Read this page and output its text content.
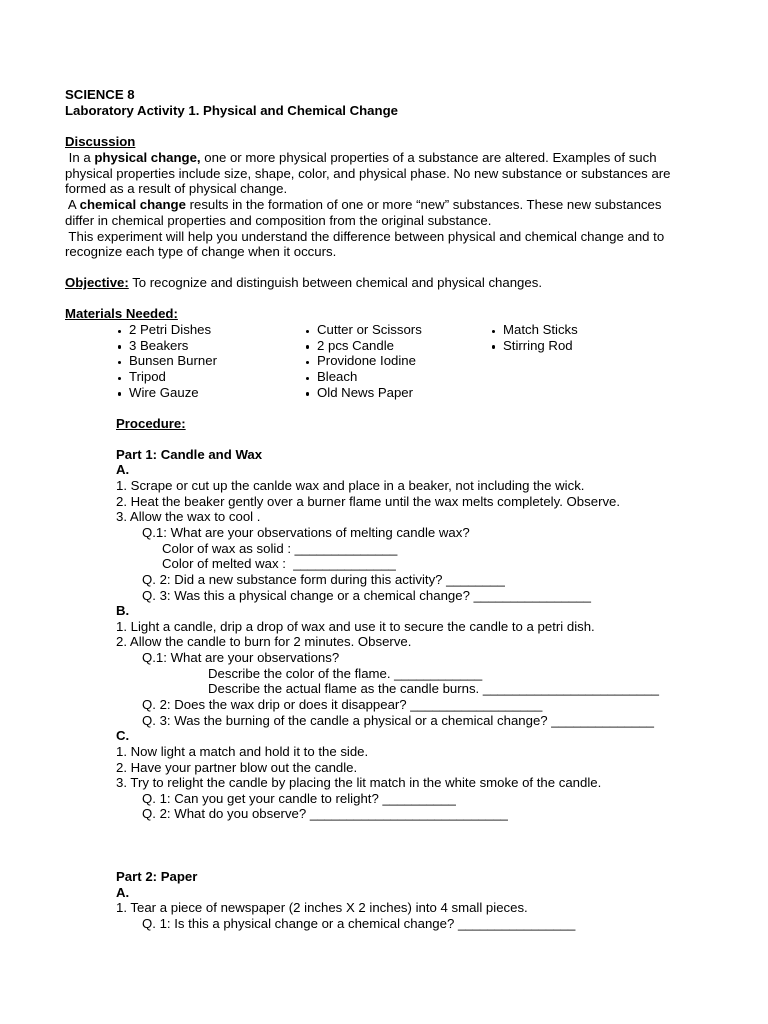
SCIENCE 8
Laboratory Activity 1. Physical and Chemical Change
Discussion
In a physical change, one or more physical properties of a substance are altered. Examples of such
physical properties include size, shape, color, and physical phase. No new substance or substances are
formed as a result of physical change.
A chemical change results in the formation of one or more “new” substances. These new substances
differ in chemical properties and composition from the original substance.
This experiment will help you understand the difference between physical and chemical change and to
recognize each type of change when it occurs.
Objective: To recognize and distinguish between chemical and physical changes.
Materials Needed:
2 Petri Dishes
3 Beakers
Bunsen Burner
Tripod
Wire Gauze
Cutter or Scissors
2 pcs Candle
Providone Iodine
Bleach
Old News Paper
Match Sticks
Stirring Rod
Procedure:
Part 1: Candle and Wax
A.
1. Scrape or cut up the canlde wax and place in a beaker, not including the wick.
2. Heat the beaker gently over a burner flame until the wax melts completely. Observe.
3. Allow the wax to cool .
Q.1: What are your observations of melting candle wax?
Color of wax as solid : ______________
Color of melted wax :  ______________
Q. 2: Did a new substance form during this activity? ________
Q. 3: Was this a physical change or a chemical change? ________________
B.
1. Light a candle, drip a drop of wax and use it to secure the candle to a petri dish.
2. Allow the candle to burn for 2 minutes. Observe.
Q.1: What are your observations?
Describe the color of the flame. ____________
Describe the actual flame as the candle burns. ________________________
Q. 2: Does the wax drip or does it disappear? __________________
Q. 3: Was the burning of the candle a physical or a chemical change? ______________
C.
1. Now light a match and hold it to the side.
2. Have your partner blow out the candle.
3. Try to relight the candle by placing the lit match in the white smoke of the candle.
Q. 1: Can you get your candle to relight? __________
Q. 2: What do you observe? ___________________________
Part 2: Paper
A.
1. Tear a piece of newspaper (2 inches X 2 inches) into 4 small pieces.
Q. 1: Is this a physical change or a chemical change? ________________
